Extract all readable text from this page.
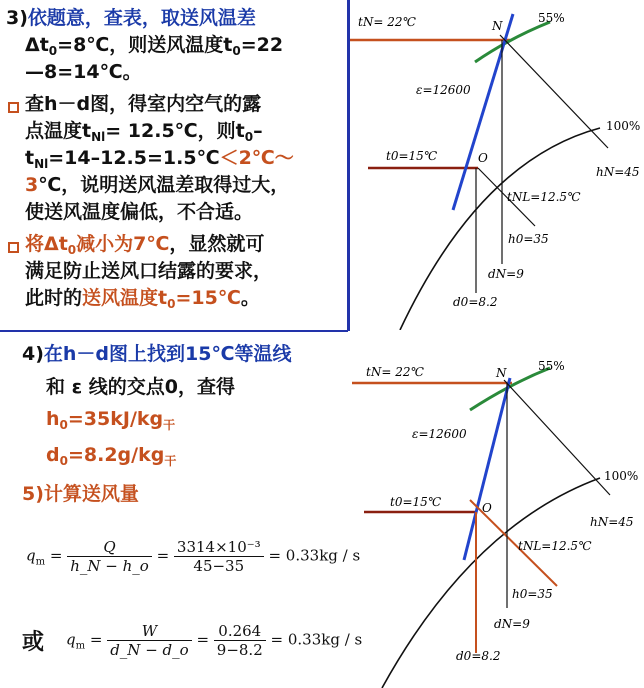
3)依题意，查表，取送风温差
$\Delta t_0=8℃$，则送风温度$t_0=22$
—8=14℃。
查h－d图，得室内空气的露
点温度$t_{Nl}=$ 12.5℃，则$t_0-$
$t_{Nl}=14-12.5=1.5℃<2℃\sim$
3℃，说明送风温差取得过大，
使送风温度偏低，不合适。
将$\Delta t_0$减小为7℃，显然就可
满足防止送风口结露的要求，
此时的送风温度$t_0=15℃$。
4)在h－d图上找到15℃等温线
和 ε 线的交点0，查得
$h_0=35kJ/kg_干$
$d_0=8.2g/kg_干$
5)计算送风量
$q_m = \frac{Q}{h\_N - h\_o} = \frac{\text{3314×10⁻³}}{45-35} = 0.33kg / s$
或 $q_m = \frac{W}{d\_N - d\_o} = \frac{0.264}{9-8.2} = 0.33kg / s$
tN= 22℃	N
55%
ε=12600
100%
t0=15℃	O
hN=45
tNL=12.5℃
h0=35
dN=9
d0=8.2
tN= 22℃	N	55%
ε=12600
100%
t0=15℃	O
hN=45
tNL=12.5℃
h0=35
dN=9
d0=8.2
